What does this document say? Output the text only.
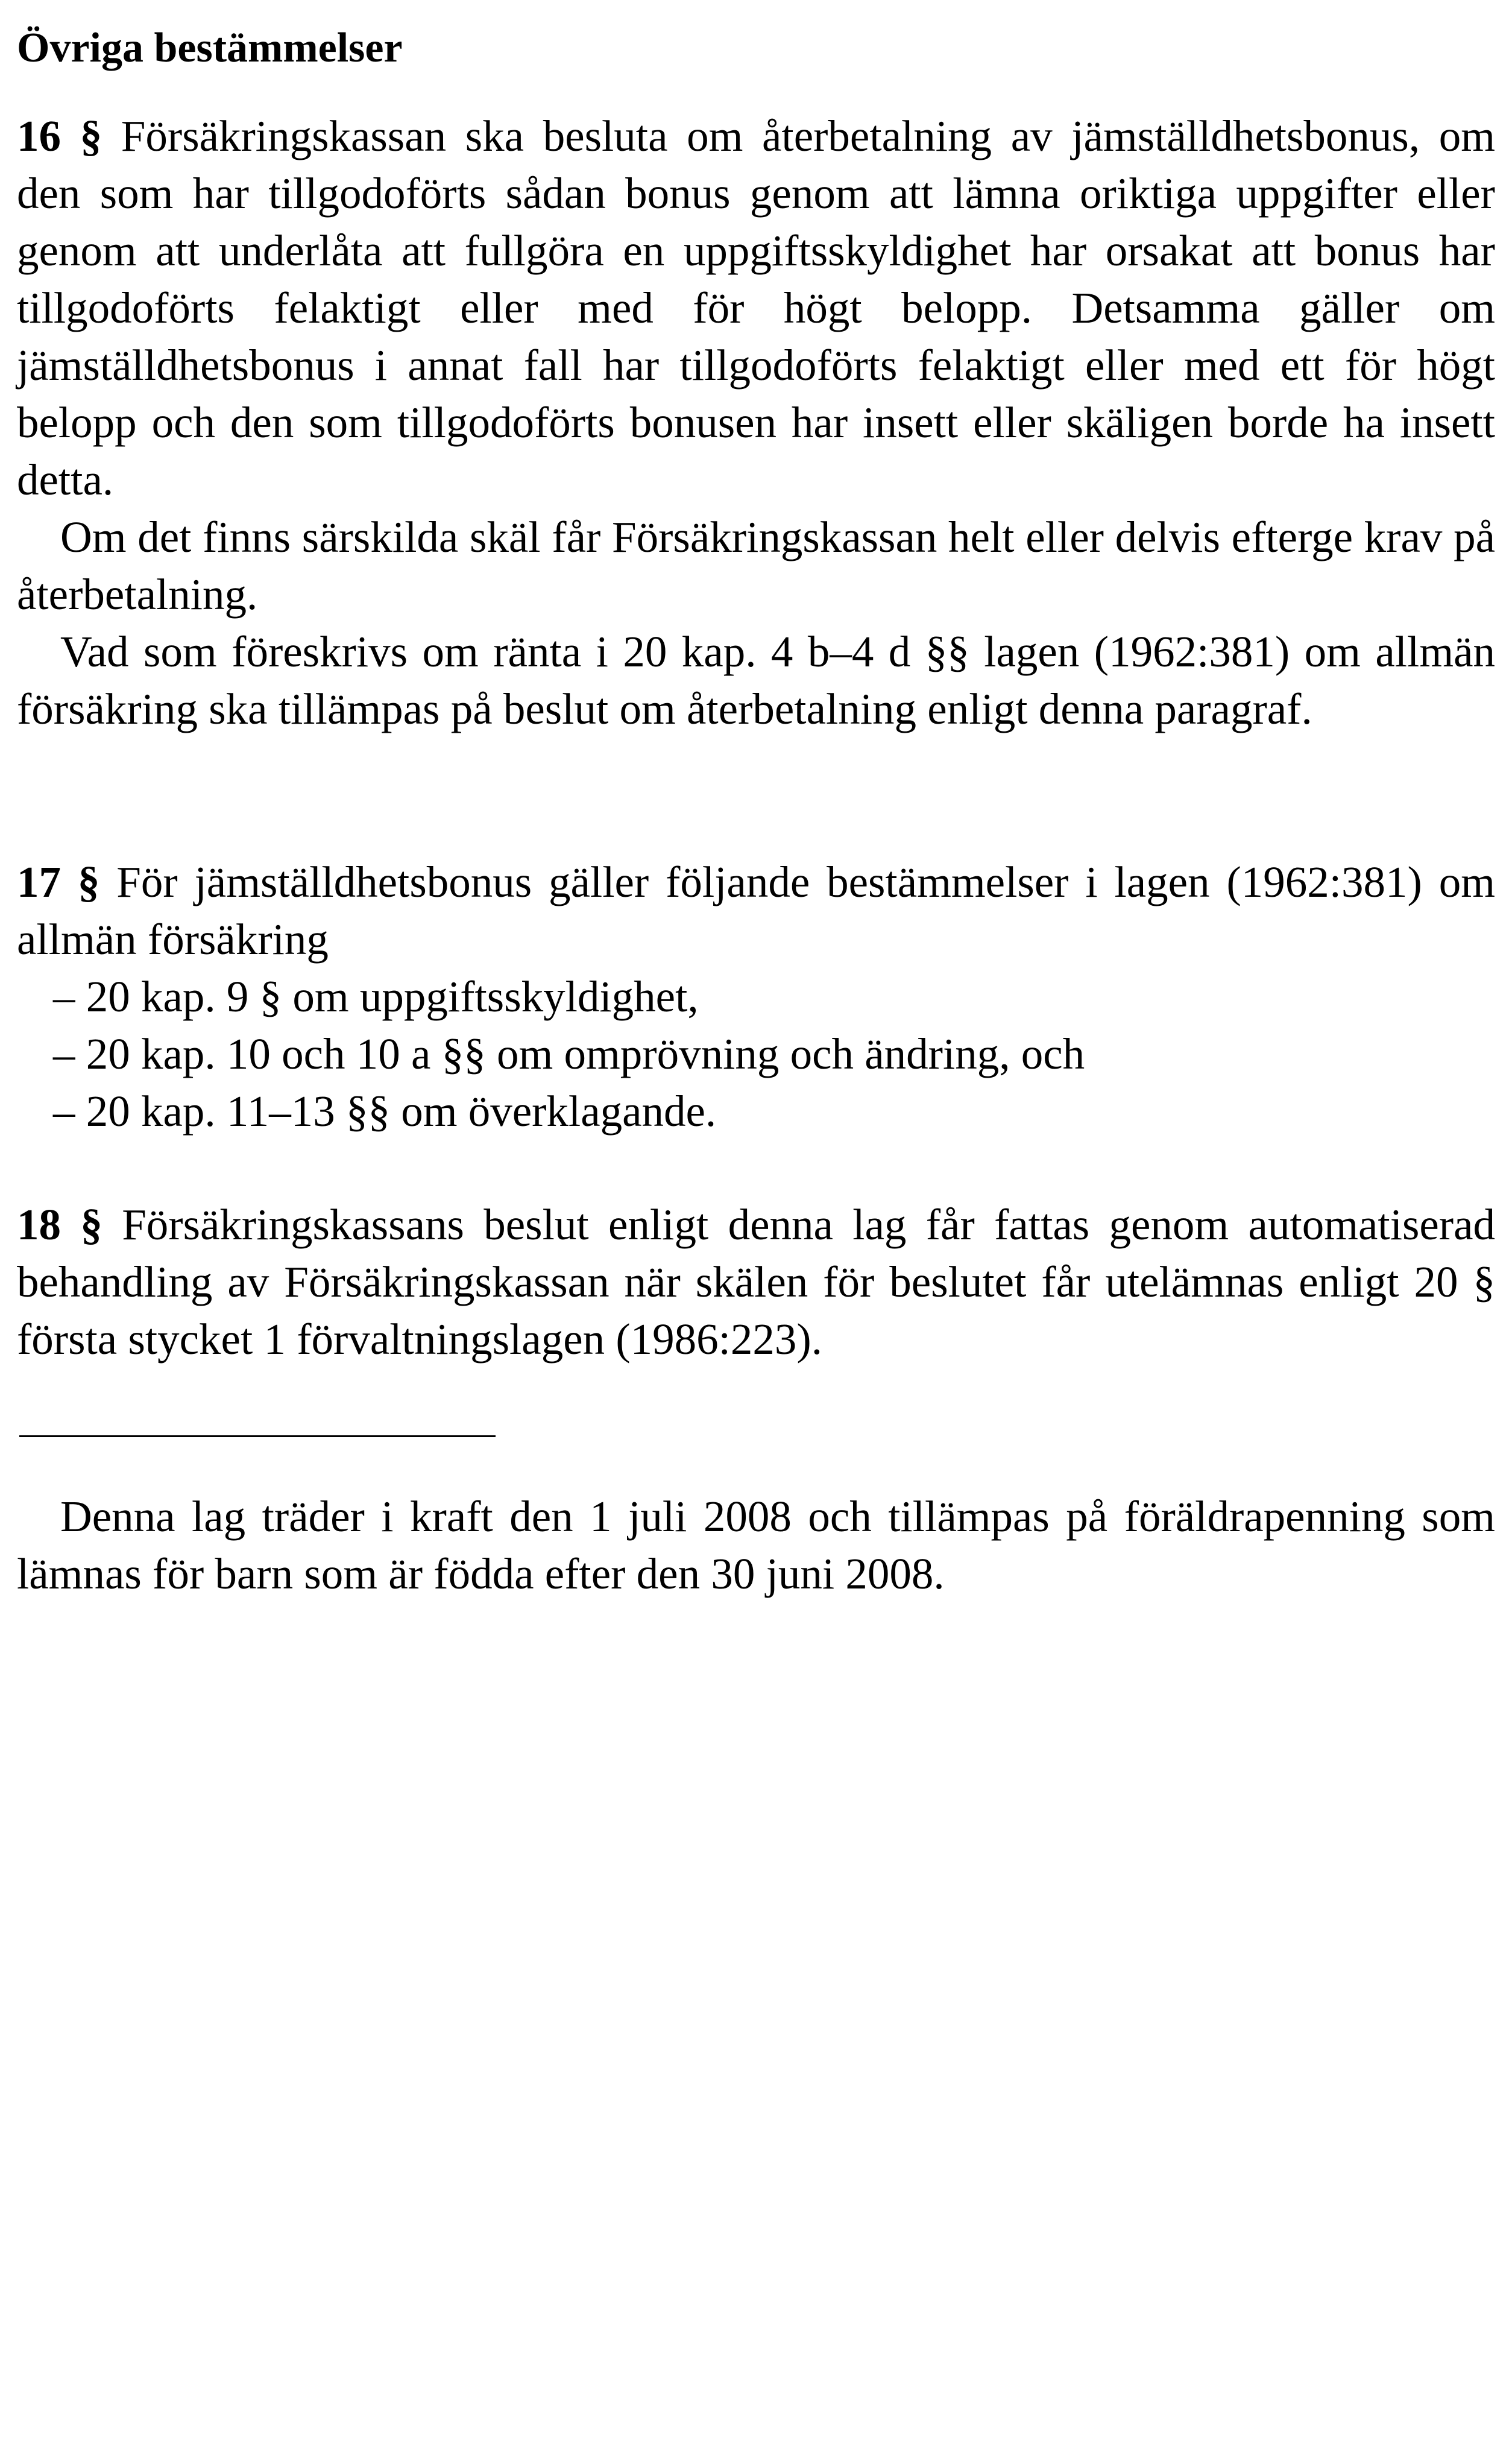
Övriga bestämmelser

16 § Försäkringskassan ska besluta om återbetalning av jämställdhetsbonus, om den som har tillgodoförts sådan bonus genom att lämna oriktiga uppgifter eller genom att underlåta att fullgöra en uppgiftsskyldighet har orsakat att bonus har tillgodoförts felaktigt eller med för högt belopp. Detsamma gäller om jämställdhetsbonus i annat fall har tillgodoförts felaktigt eller med ett för högt belopp och den som tillgodoförts bonusen har insett eller skäligen borde ha insett detta.

Om det finns särskilda skäl får Försäkringskassan helt eller delvis efterge krav på återbetalning.

Vad som föreskrivs om ränta i 20 kap. 4 b–4 d §§ lagen (1962:381) om allmän försäkring ska tillämpas på beslut om återbetalning enligt denna paragraf.

17 § För jämställdhetsbonus gäller följande bestämmelser i lagen (1962:381) om allmän försäkring

– 20 kap. 9 § om uppgiftsskyldighet,
– 20 kap. 10 och 10 a §§ om omprövning och ändring, och
– 20 kap. 11–13 §§ om överklagande.

18 § Försäkringskassans beslut enligt denna lag får fattas genom automatiserad behandling av Försäkringskassan när skälen för beslutet får utelämnas enligt 20 § första stycket 1 förvaltningslagen (1986:223).

Denna lag träder i kraft den 1 juli 2008 och tillämpas på föräldrapenning som lämnas för barn som är födda efter den 30 juni 2008.
